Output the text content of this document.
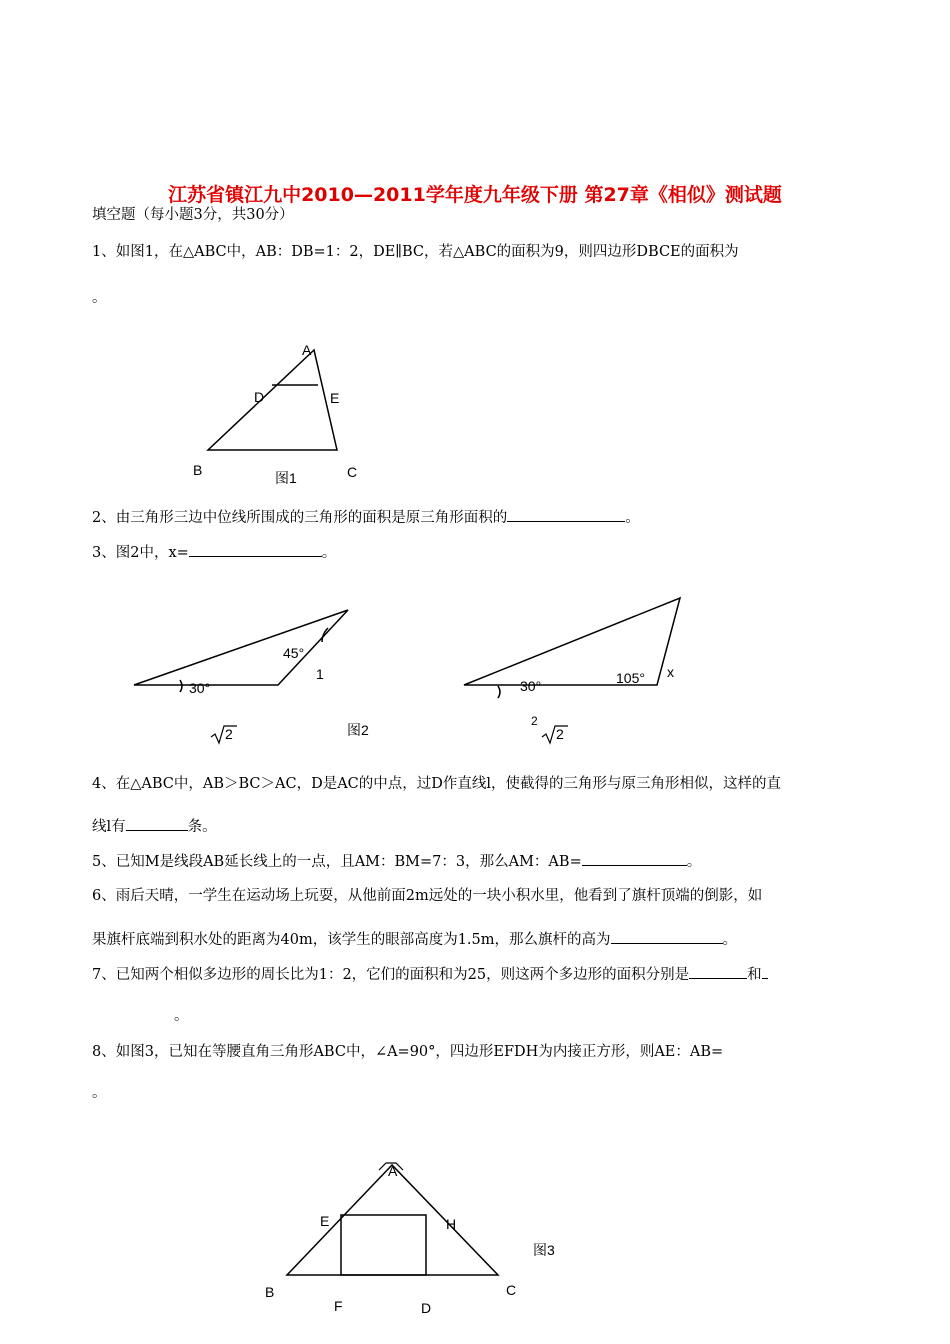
江苏省镇江九中2010—2011学年度九年级下册 第27章《相似》测试题
填空题（每小题3分，共30分）
1、如图1，在△ABC中，AB：DB=1：2，DE∥BC，若△ABC的面积为9，则四边形DBCE的面积为
。
A
D	E
B	C
图1
2、由三角形三边中位线所围成的三角形的面积是原三角形面积的	。
3、图2中，x=	。
45°
1
30°
2	图2
30°	105° x
2
2
4、在△ABC中，AB＞BC＞AC，D是AC的中点，过D作直线l，使截得的三角形与原三角形相似，这样的直
线l有	条。
5、已知M是线段AB延长线上的一点，且AM：BM=7：3，那么AM：AB=	。
6、雨后天晴，一学生在运动场上玩耍，从他前面2m远处的一块小积水里，他看到了旗杆顶端的倒影，如
果旗杆底端到积水处的距离为40m，该学生的眼部高度为1.5m，那么旗杆的高为	。
7、已知两个相似多边形的周长比为1：2，它们的面积和为25，则这两个多边形的面积分别是	和
。
8、如图3，已知在等腰直角三角形ABC中，∠A=90°，四边形EFDH为内接正方形，则AE：AB=
。
A
E	H
图3
B	C
F	D
